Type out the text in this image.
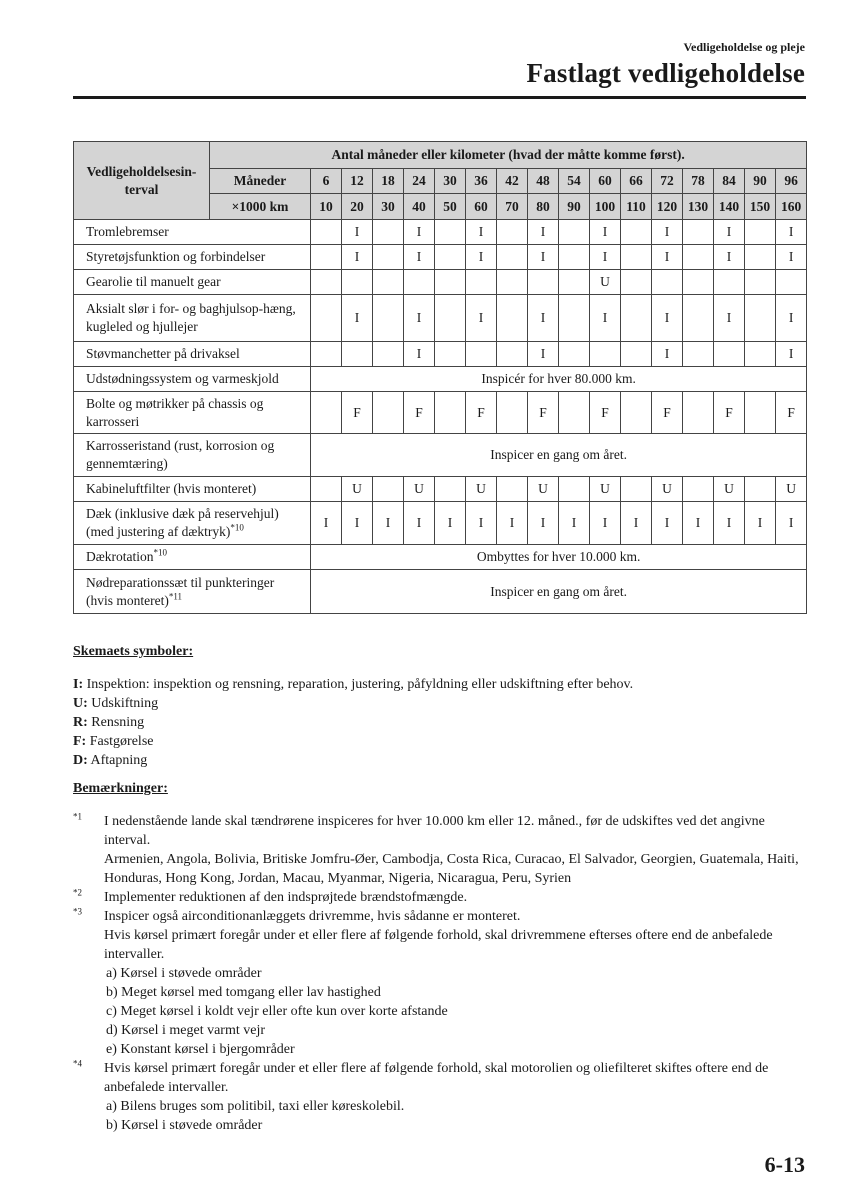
Vedligeholdelse og pleje
Fastlagt vedligeholdelse
Vedligeholdelsesin-terval	Antal måneder eller kilometer (hvad der måtte komme først).																
	Måneder	6	12	18	24	30	36	42	48	54	60	66	72	78	84	90	96
	×1000 km	10	20	30	40	50	60	70	80	90	100	110	120	130	140	150	160
Tromlebremser			I		I		I		I		I		I		I		I
Styretøjsfunktion og forbindelser			I		I		I		I		I		I		I		I
Gearolie til manuelt gear											U						
Aksialt slør i for- og baghjulsop-hæng, kugleled og hjullejer			I		I		I		I		I		I		I		I
Støvmanchetter på drivaksel					I				I				I				I
Udstødningssystem og varmeskjold		Inspicér for hver 80.000 km.															
Bolte og møtrikker på chassis og karrosseri			F		F		F		F		F		F		F		F
Karrosseristand (rust, korrosion og gennemtæring)		Inspicer en gang om året.															
Kabineluftfilter (hvis monteret)			U		U		U		U		U		U		U		U
Dæk (inklusive dæk på reservehjul) (med justering af dæktryk)$^{*10}$		I	I	I	I	I	I	I	I	I	I	I	I	I	I	I	I
Dækrotation$^{*10}$		Ombyttes for hver 10.000 km.															
Nødreparationssæt til punkteringer (hvis monteret)$^{*11}$		Inspicer en gang om året.															

Skemaets symboler:

I: Inspektion: inspektion og rensning, reparation, justering, påfyldning eller udskiftning efter behov.
U: Udskiftning
R: Rensning
F: Fastgørelse
D: Aftapning

Bemærkninger:

$^{*1}$ I nedenstående lande skal tændrørene inspiceres for hver 10.000 km eller 12. måned., før de udskiftes ved det angivne interval.
Armenien, Angola, Bolivia, Britiske Jomfru-Øer, Cambodja, Costa Rica, Curacao, El Salvador, Georgien, Guatemala, Haiti, Honduras, Hong Kong, Jordan, Macau, Myanmar, Nigeria, Nicaragua, Peru, Syrien
$^{*2}$ Implementer reduktionen af den indsprøjtede brændstofmængde.
$^{*3}$ Inspicer også airconditionanlæggets drivremme, hvis sådanne er monteret.
Hvis kørsel primært foregår under et eller flere af følgende forhold, skal drivremmene efterses oftere end de anbefalede intervaller.
a) Kørsel i støvede områder
b) Meget kørsel med tomgang eller lav hastighed
c) Meget kørsel i koldt vejr eller ofte kun over korte afstande
d) Kørsel i meget varmt vejr
e) Konstant kørsel i bjergområder
$^{*4}$ Hvis kørsel primært foregår under et eller flere af følgende forhold, skal motorolien og oliefilteret skiftes oftere end de anbefalede intervaller.
a) Bilens bruges som politibil, taxi eller køreskolebil.
b) Kørsel i støvede områder
6-13
